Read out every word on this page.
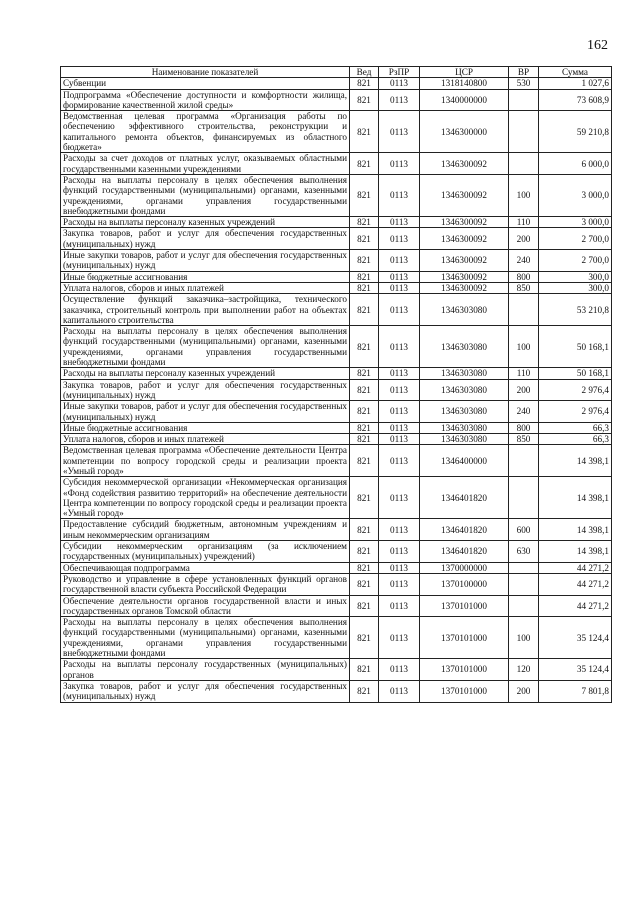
162
Наименование показателей	Вед	РзПР	ЦСР	ВР	Сумма
Субвенции	821	0113	1318140800	530	1 027,6
Подпрограмма «Обеспечение доступности и комфортности жилища, формирование качественной жилой среды»	821	0113	1340000000		73 608,9
Ведомственная целевая программа «Организация работы по обеспечению эффективного строительства, реконструкции и капитального ремонта объектов, финансируемых из областного бюджета»	821	0113	1346300000		59 210,8
Расходы за счет доходов от платных услуг, оказываемых областными государственными казенными учреждениями	821	0113	1346300092		6 000,0
Расходы на выплаты персоналу в целях обеспечения выполнения функций государственными (муниципальными) органами, казенными учреждениями, органами управления государственными внебюджетными фондами	821	0113	1346300092	100	3 000,0
Расходы на выплаты персоналу казенных учреждений	821	0113	1346300092	110	3 000,0
Закупка товаров, работ и услуг для обеспечения государственных (муниципальных) нужд	821	0113	1346300092	200	2 700,0
Иные закупки товаров, работ и услуг для обеспечения государственных (муниципальных) нужд	821	0113	1346300092	240	2 700,0
Иные бюджетные ассигнования	821	0113	1346300092	800	300,0
Уплата налогов, сборов и иных платежей	821	0113	1346300092	850	300,0
Осуществление функций заказчика–застройщика, технического заказчика, строительный контроль при выполнении работ на объектах капитального строительства	821	0113	1346303080		53 210,8
Расходы на выплаты персоналу в целях обеспечения выполнения функций государственными (муниципальными) органами, казенными учреждениями, органами управления государственными внебюджетными фондами	821	0113	1346303080	100	50 168,1
Расходы на выплаты персоналу казенных учреждений	821	0113	1346303080	110	50 168,1
Закупка товаров, работ и услуг для обеспечения государственных (муниципальных) нужд	821	0113	1346303080	200	2 976,4
Иные закупки товаров, работ и услуг для обеспечения государственных (муниципальных) нужд	821	0113	1346303080	240	2 976,4
Иные бюджетные ассигнования	821	0113	1346303080	800	66,3
Уплата налогов, сборов и иных платежей	821	0113	1346303080	850	66,3
Ведомственная целевая программа «Обеспечение деятельности Центра компетенции по вопросу городской среды и реализации проекта «Умный город»	821	0113	1346400000		14 398,1
Субсидия некоммерческой организации «Некоммерческая организация «Фонд содействия развитию территорий» на обеспечение деятельности Центра компетенции по вопросу городской среды и реализации проекта «Умный город»	821	0113	1346401820		14 398,1
Предоставление субсидий бюджетным, автономным учреждениям и иным некоммерческим организациям	821	0113	1346401820	600	14 398,1
Субсидии некоммерческим организациям (за исключением государственных (муниципальных) учреждений)	821	0113	1346401820	630	14 398,1
Обеспечивающая подпрограмма	821	0113	1370000000		44 271,2
Руководство и управление в сфере установленных функций органов государственной власти субъекта Российской Федерации	821	0113	1370100000		44 271,2
Обеспечение деятельности органов государственной власти и иных государственных органов Томской области	821	0113	1370101000		44 271,2
Расходы на выплаты персоналу в целях обеспечения выполнения функций государственными (муниципальными) органами, казенными учреждениями, органами управления государственными внебюджетными фондами	821	0113	1370101000	100	35 124,4
Расходы на выплаты персоналу государственных (муниципальных) органов	821	0113	1370101000	120	35 124,4
Закупка товаров, работ и услуг для обеспечения государственных (муниципальных) нужд	821	0113	1370101000	200	7 801,8
